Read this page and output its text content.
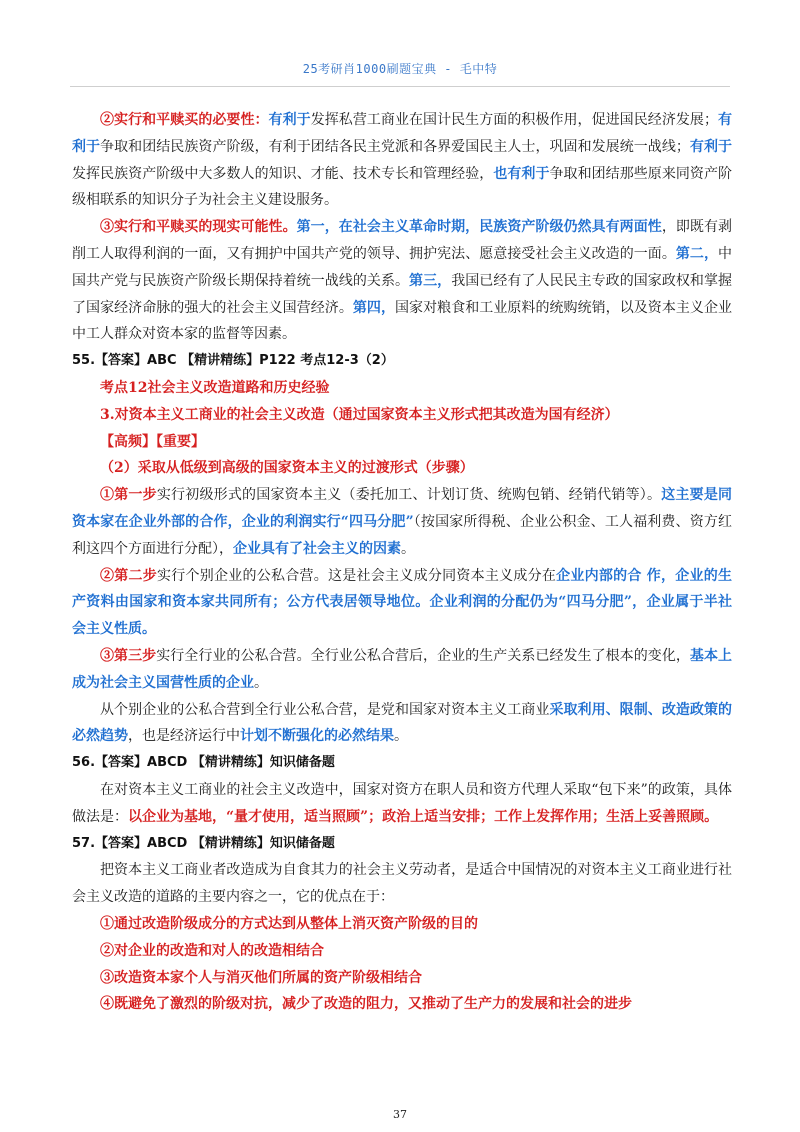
25考研肖1000刷题宝典 - 毛中特

②实行和平赎买的必要性：有利于发挥私营工商业在国计民生方面的积极作用，促进国民经济发展；有利于争取和团结民族资产阶级，有利于团结各民主党派和各界爱国民主人士，巩固和发展统一战线；有利于发挥民族资产阶级中大多数人的知识、才能、技术专长和管理经验，也有利于争取和团结那些原来同资产阶级相联系的知识分子为社会主义建设服务。

③实行和平赎买的现实可能性。第一，在社会主义革命时期，民族资产阶级仍然具有两面性，即既有剥削工人取得利润的一面，又有拥护中国共产党的领导、拥护宪法、愿意接受社会主义改造的一面。第二，中国共产党与民族资产阶级长期保持着统一战线的关系。第三，我国已经有了人民民主专政的国家政权和掌握了国家经济命脉的强大的社会主义国营经济。第四，国家对粮食和工业原料的统购统销，以及资本主义企业中工人群众对资本家的监督等因素。

55.【答案】ABC 【精讲精练】P122 考点12-3（2）

考点12社会主义改造道路和历史经验

3.对资本主义工商业的社会主义改造（通过国家资本主义形式把其改造为国有经济）

【高频】【重要】

（2）采取从低级到高级的国家资本主义的过渡形式（步骤）

①第一步实行初级形式的国家资本主义（委托加工、计划订货、统购包销、经销代销等）。这主要是同资本家在企业外部的合作，企业的利润实行“四马分肥”（按国家所得税、企业公积金、工人福利费、资方红利这四个方面进行分配），企业具有了社会主义的因素。

②第二步实行个别企业的公私合营。这是社会主义成分同资本主义成分在企业内部的合 作，企业的生产资料由国家和资本家共同所有；公方代表居领导地位。企业利润的分配仍为“四马分肥”，企业属于半社会主义性质。

③第三步实行全行业的公私合营。全行业公私合营后，企业的生产关系已经发生了根本的变化，基本上成为社会主义国营性质的企业。

从个别企业的公私合营到全行业公私合营，是党和国家对资本主义工商业采取利用、限制、改造政策的必然趋势，也是经济运行中计划不断强化的必然结果。

56.【答案】ABCD 【精讲精练】知识储备题

在对资本主义工商业的社会主义改造中，国家对资方在职人员和资方代理人采取“包下来”的政策，具体做法是：以企业为基地，“量才使用，适当照顾”；政治上适当安排；工作上发挥作用；生活上妥善照顾。

57.【答案】ABCD 【精讲精练】知识储备题

把资本主义工商业者改造成为自食其力的社会主义劳动者，是适合中国情况的对资本主义工商业进行社会主义改造的道路的主要内容之一，它的优点在于：

①通过改造阶级成分的方式达到从整体上消灭资产阶级的目的

②对企业的改造和对人的改造相结合

③改造资本家个人与消灭他们所属的资产阶级相结合

④既避免了激烈的阶级对抗，减少了改造的阻力，又推动了生产力的发展和社会的进步

37
